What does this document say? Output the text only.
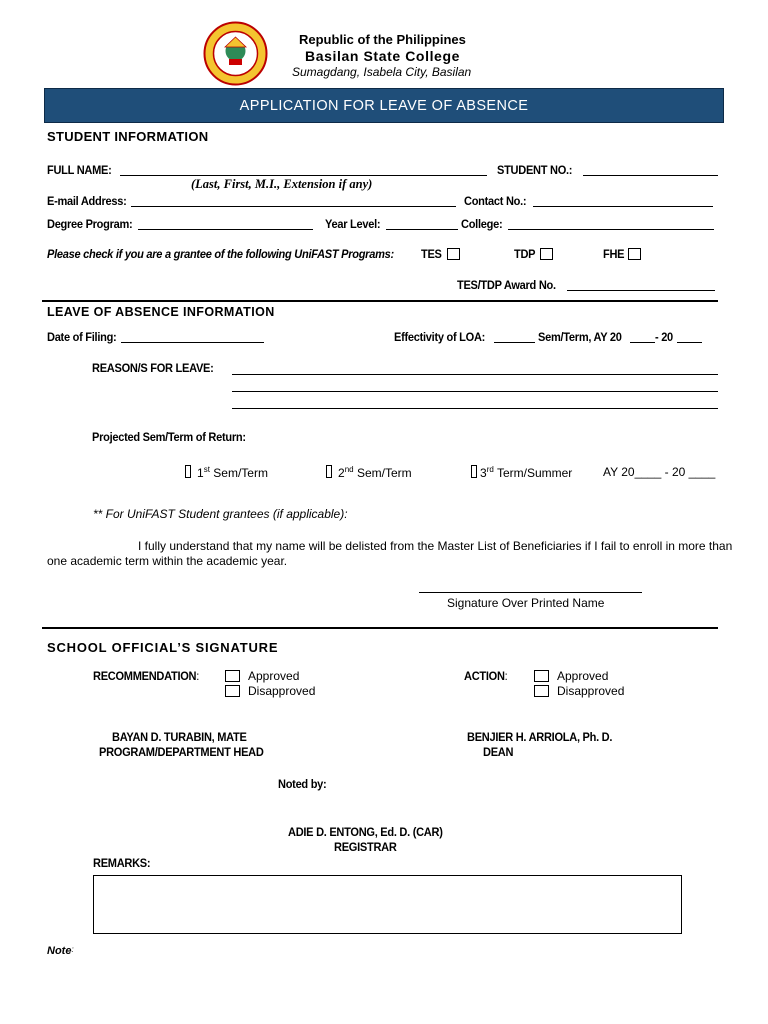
Republic of the Philippines
Basilan State College
Sumagdang, Isabela City, Basilan
APPLICATION FOR LEAVE OF ABSENCE
STUDENT INFORMATION
FULL NAME:	STUDENT NO.:
(Last, First, M.I., Extension if any)
E-mail Address:	Contact No.:
Degree Program:	Year Level:	College:
Please check if you are a grantee of the following UniFAST Programs: TES	TDP	FHE
TES/TDP Award No.
LEAVE OF ABSENCE INFORMATION
Date of Filing:	Effectivity of LOA:	Sem/Term, AY 20	- 20
REASON/S FOR LEAVE:
Projected Sem/Term of Return:
1st Sem/Term	2nd Sem/Term	3rd Term/Summer	AY 20____ - 20 ____
** For UniFAST Student grantees (if applicable):
I fully understand that my name will be delisted from the Master List of Beneficiaries if I fail to enroll in more than
one academic term within the academic year.
Signature Over Printed Name
SCHOOL OFFICIAL’S SIGNATURE
RECOMMENDATION:	Approved
Disapproved
ACTION:	Approved
Disapproved
BAYAN D. TURABIN, MATE
PROGRAM/DEPARTMENT HEAD
BENJIER H. ARRIOLA, Ph. D.
DEAN
Noted by:
ADIE D. ENTONG, Ed. D. (CAR)
REGISTRAR
REMARKS:
Note:
